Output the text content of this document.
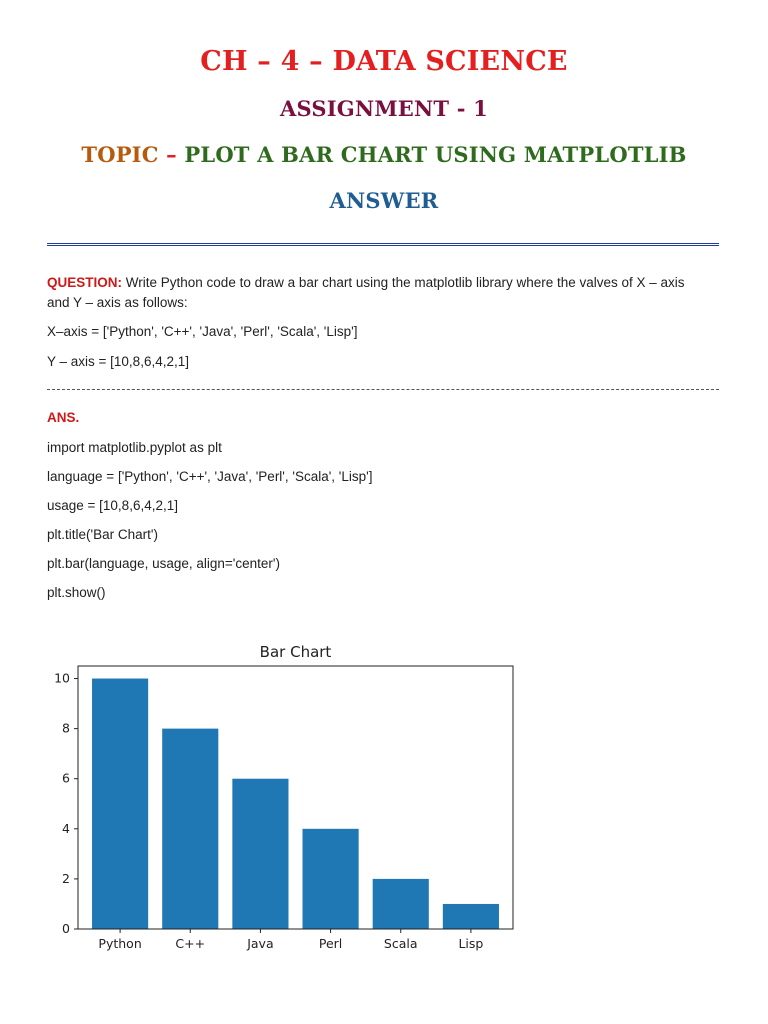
CH – 4 – DATA SCIENCE
ASSIGNMENT - 1
TOPIC – PLOT A BAR CHART USING MATPLOTLIB
ANSWER
QUESTION: Write Python code to draw a bar chart using the matplotlib library where the valves of X – axis
and Y – axis as follows:
X–axis = ['Python', 'C++', 'Java', 'Perl', 'Scala', 'Lisp']
Y – axis = [10,8,6,4,2,1]
ANS.
import matplotlib.pyplot as plt
language = ['Python', 'C++', 'Java', 'Perl', 'Scala', 'Lisp']
usage = [10,8,6,4,2,1]
plt.title('Bar Chart')
plt.bar(language, usage, align='center')
plt.show()
0
2
4
6
8
10
Python	C++	Java	Perl	Scala	Lisp
Bar Chart
